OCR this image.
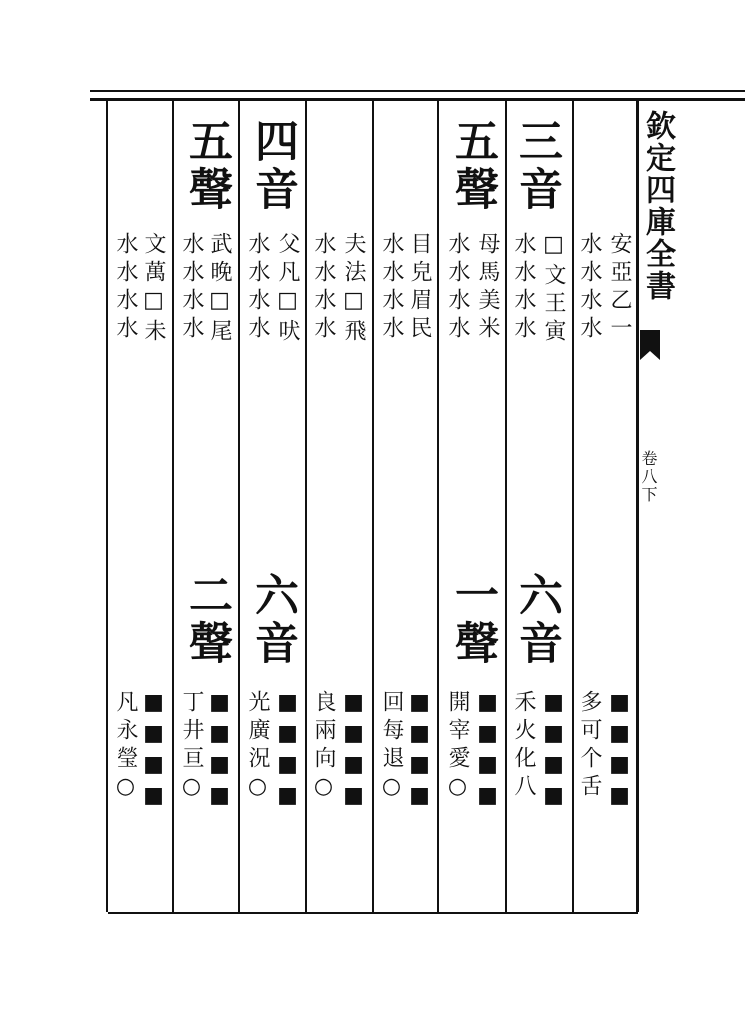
欽定四庫全書
卷八下
三音
□文王寅
水水水水
六音
禾火化八 ■■■■
安亞乙一
水水水水
多可个舌 ■■■■
五聲
母馬美米
水水水水
一聲
開宰愛○ ■■■■
目皃眉民
水水水水
回每退○ ■■■■
夫法□飛
水水水水
良兩向○ ■■■■
四音
父凡□吠
水水水水
六音
光廣況○ ■■■■
五聲
武晚□尾
水水水水
二聲
丁井亘○ ■■■■
文萬□未
水水水水
凡永瑩○ ■■■■
